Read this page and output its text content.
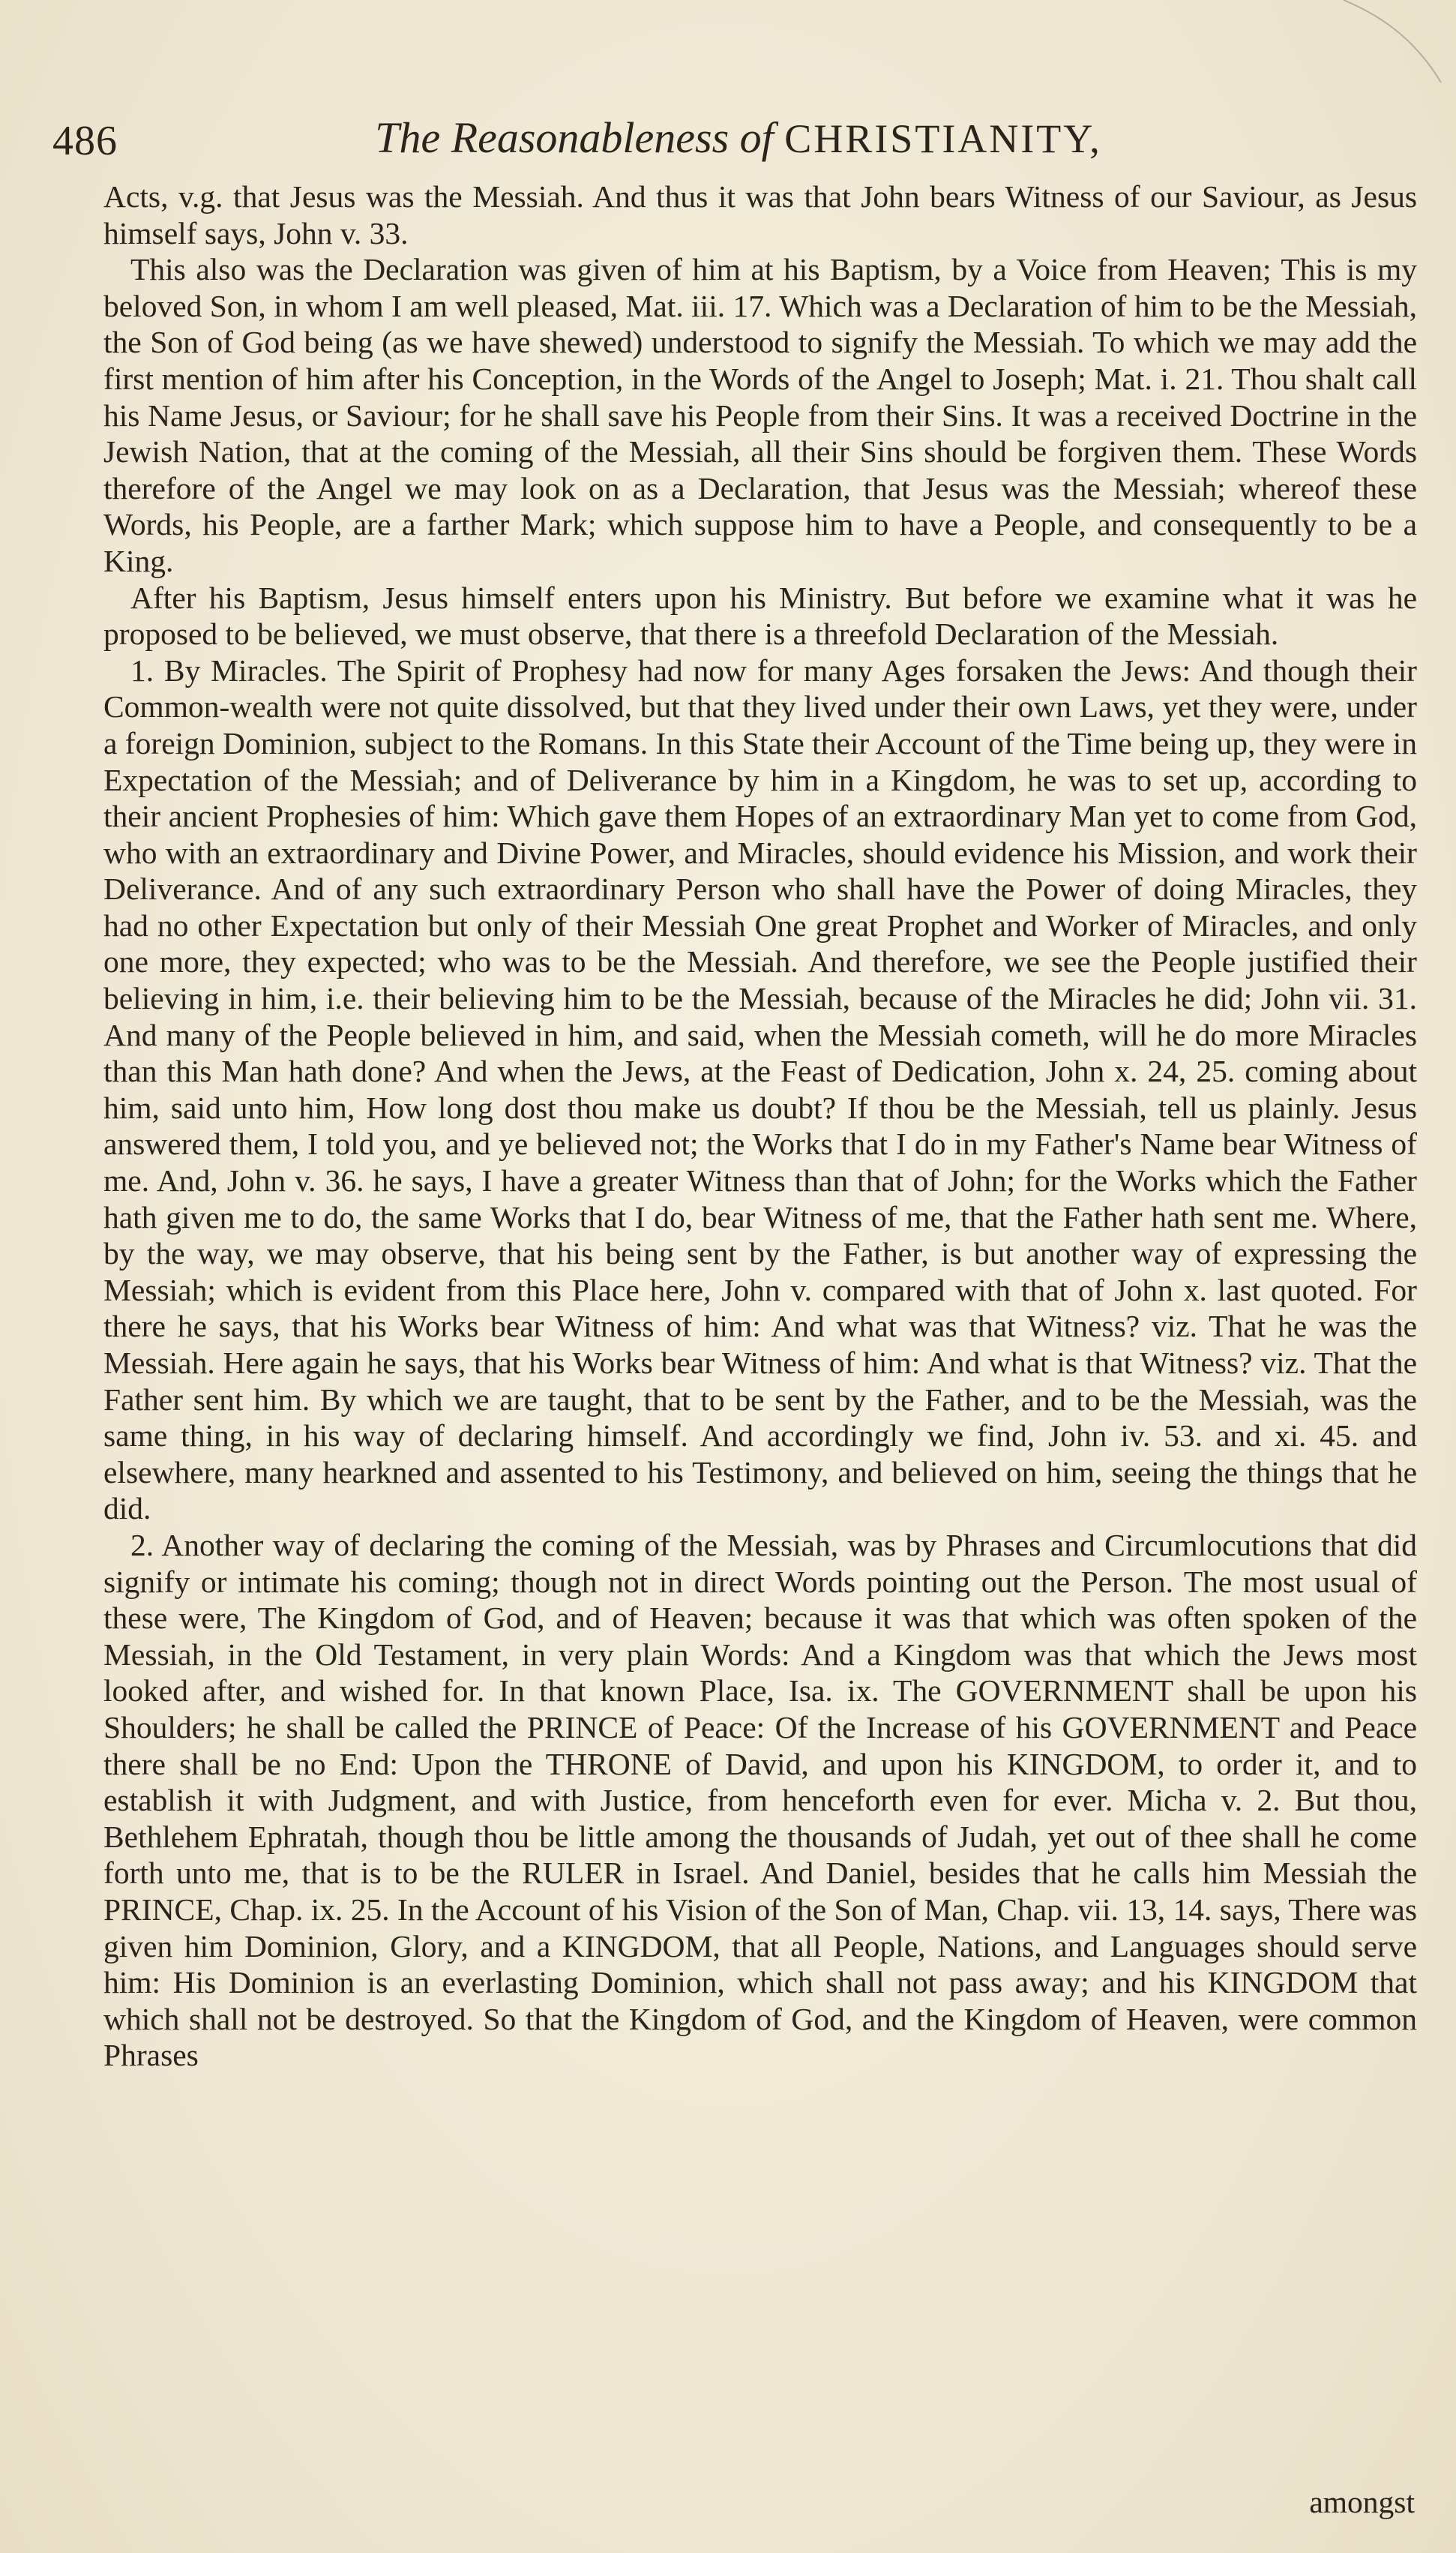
486	The Reasonableness of CHRISTIANITY,

Acts, v.g. that Jesus was the Messiah. And thus it was that John bears Witness of our Saviour, as Jesus himself says, John v. 33.

This also was the Declaration was given of him at his Baptism, by a Voice from Heaven; This is my beloved Son, in whom I am well pleased, Mat. iii. 17. Which was a Declaration of him to be the Messiah, the Son of God being (as we have shewed) understood to signify the Messiah. To which we may add the first mention of him after his Conception, in the Words of the Angel to Joseph; Mat. i. 21. Thou shalt call his Name Jesus, or Saviour; for he shall save his People from their Sins. It was a received Doctrine in the Jewish Nation, that at the coming of the Messiah, all their Sins should be forgiven them. These Words therefore of the Angel we may look on as a Declaration, that Jesus was the Messiah; whereof these Words, his People, are a farther Mark; which suppose him to have a People, and consequently to be a King.

After his Baptism, Jesus himself enters upon his Ministry. But before we examine what it was he proposed to be believed, we must observe, that there is a threefold Declaration of the Messiah.

1. By Miracles. The Spirit of Prophesy had now for many Ages forsaken the Jews: And though their Common-wealth were not quite dissolved, but that they lived under their own Laws, yet they were, under a foreign Dominion, subject to the Romans. In this State their Account of the Time being up, they were in Expectation of the Messiah; and of Deliverance by him in a Kingdom, he was to set up, according to their ancient Prophesies of him: Which gave them Hopes of an extraordinary Man yet to come from God, who with an extraordinary and Divine Power, and Miracles, should evidence his Mission, and work their Deliverance. And of any such extraordinary Person who shall have the Power of doing Miracles, they had no other Expectation but only of their Messiah One great Prophet and Worker of Miracles, and only one more, they expected; who was to be the Messiah. And therefore, we see the People justified their believing in him, i.e. their believing him to be the Messiah, because of the Miracles he did; John vii. 31. And many of the People believed in him, and said, when the Messiah cometh, will he do more Miracles than this Man hath done? And when the Jews, at the Feast of Dedication, John x. 24, 25. coming about him, said unto him, How long dost thou make us doubt? If thou be the Messiah, tell us plainly. Jesus answered them, I told you, and ye believed not; the Works that I do in my Father's Name bear Witness of me. And, John v. 36. he says, I have a greater Witness than that of John; for the Works which the Father hath given me to do, the same Works that I do, bear Witness of me, that the Father hath sent me. Where, by the way, we may observe, that his being sent by the Father, is but another way of expressing the Messiah; which is evident from this Place here, John v. compared with that of John x. last quoted. For there he says, that his Works bear Witness of him: And what was that Witness? viz. That he was the Messiah. Here again he says, that his Works bear Witness of him: And what is that Witness? viz. That the Father sent him. By which we are taught, that to be sent by the Father, and to be the Messiah, was the same thing, in his way of declaring himself. And accordingly we find, John iv. 53. and xi. 45. and elsewhere, many hearkned and assented to his Testimony, and believed on him, seeing the things that he did.

2. Another way of declaring the coming of the Messiah, was by Phrases and Circumlocutions that did signify or intimate his coming; though not in direct Words pointing out the Person. The most usual of these were, The Kingdom of God, and of Heaven; because it was that which was often spoken of the Messiah, in the Old Testament, in very plain Words: And a Kingdom was that which the Jews most looked after, and wished for. In that known Place, Isa. ix. The GOVERNMENT shall be upon his Shoulders; he shall be called the PRINCE of Peace: Of the Increase of his GOVERNMENT and Peace there shall be no End: Upon the THRONE of David, and upon his KINGDOM, to order it, and to establish it with Judgment, and with Justice, from henceforth even for ever. Micha v. 2. But thou, Bethlehem Ephratah, though thou be little among the thousands of Judah, yet out of thee shall he come forth unto me, that is to be the RULER in Israel. And Daniel, besides that he calls him Messiah the PRINCE, Chap. ix. 25. In the Account of his Vision of the Son of Man, Chap. vii. 13, 14. says, There was given him Dominion, Glory, and a KINGDOM, that all People, Nations, and Languages should serve him: His Dominion is an everlasting Dominion, which shall not pass away; and his KINGDOM that which shall not be destroyed. So that the Kingdom of God, and the Kingdom of Heaven, were common Phrases

amongst
